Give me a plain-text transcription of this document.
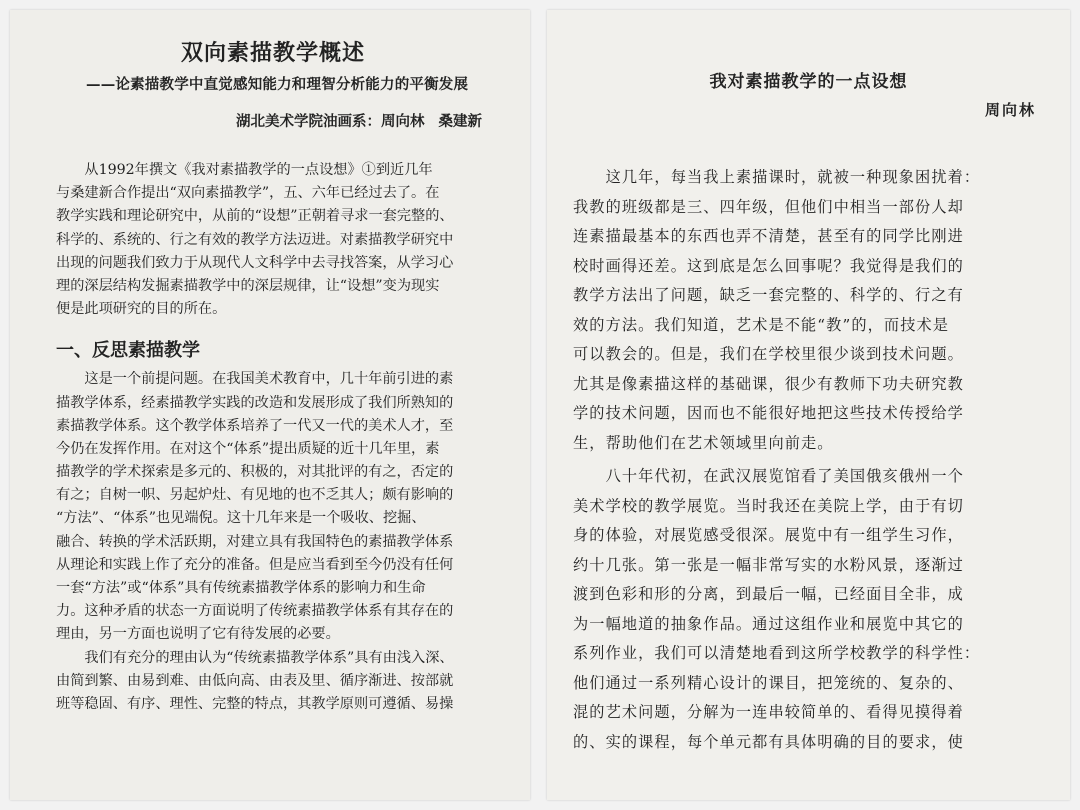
双向素描教学概述
——论素描教学中直觉感知能力和理智分析能力的平衡发展
湖北美术学院油画系：周向林 桑建新
　　从1992年撰文《我对素描教学的一点设想》①到近几年
与桑建新合作提出“双向素描教学”，五、六年已经过去了。在
教学实践和理论研究中，从前的“设想”正朝着寻求一套完整的、
科学的、系统的、行之有效的教学方法迈进。对素描教学研究中
出现的问题我们致力于从现代人文科学中去寻找答案，从学习心
理的深层结构发掘素描教学中的深层规律，让“设想”变为现实
便是此项研究的目的所在。
一、反思素描教学
　　这是一个前提问题。在我国美术教育中，几十年前引进的素
描教学体系，经素描教学实践的改造和发展形成了我们所熟知的
素描教学体系。这个教学体系培养了一代又一代的美术人才，至
今仍在发挥作用。在对这个“体系”提出质疑的近十几年里，素
描教学的学术探索是多元的、积极的，对其批评的有之，否定的
有之；自树一帜、另起炉灶、有见地的也不乏其人；颇有影响的
“方法”、“体系”也见端倪。这十几年来是一个吸收、挖掘、
融合、转换的学术活跃期，对建立具有我国特色的素描教学体系
从理论和实践上作了充分的准备。但是应当看到至今仍没有任何
一套“方法”或“体系”具有传统素描教学体系的影响力和生命
力。这种矛盾的状态一方面说明了传统素描教学体系有其存在的
理由，另一方面也说明了它有待发展的必要。
　　我们有充分的理由认为“传统素描教学体系”具有由浅入深、
由简到繁、由易到难、由低向高、由表及里、循序渐进、按部就
班等稳固、有序、理性、完整的特点，其教学原则可遵循、易操
我对素描教学的一点设想
周向林
　　这几年，每当我上素描课时，就被一种现象困扰着：
我教的班级都是三、四年级，但他们中相当一部份人却
连素描最基本的东西也弄不清楚，甚至有的同学比刚进
校时画得还差。这到底是怎么回事呢？我觉得是我们的
教学方法出了问题，缺乏一套完整的、科学的、行之有
效的方法。我们知道，艺术是不能“教”的，而技术是
可以教会的。但是，我们在学校里很少谈到技术问题。
尤其是像素描这样的基础课，很少有教师下功夫研究教
学的技术问题，因而也不能很好地把这些技术传授给学
生，帮助他们在艺术领域里向前走。
　　八十年代初，在武汉展览馆看了美国俄亥俄州一个
美术学校的教学展览。当时我还在美院上学，由于有切
身的体验，对展览感受很深。展览中有一组学生习作，
约十几张。第一张是一幅非常写实的水粉风景，逐渐过
渡到色彩和形的分离，到最后一幅，已经面目全非，成
为一幅地道的抽象作品。通过这组作业和展览中其它的
系列作业，我们可以清楚地看到这所学校教学的科学性：
他们通过一系列精心设计的课目，把笼统的、复杂的、
混的艺术问题，分解为一连串较简单的、看得见摸得着
的、实的课程，每个单元都有具体明确的目的要求，使
